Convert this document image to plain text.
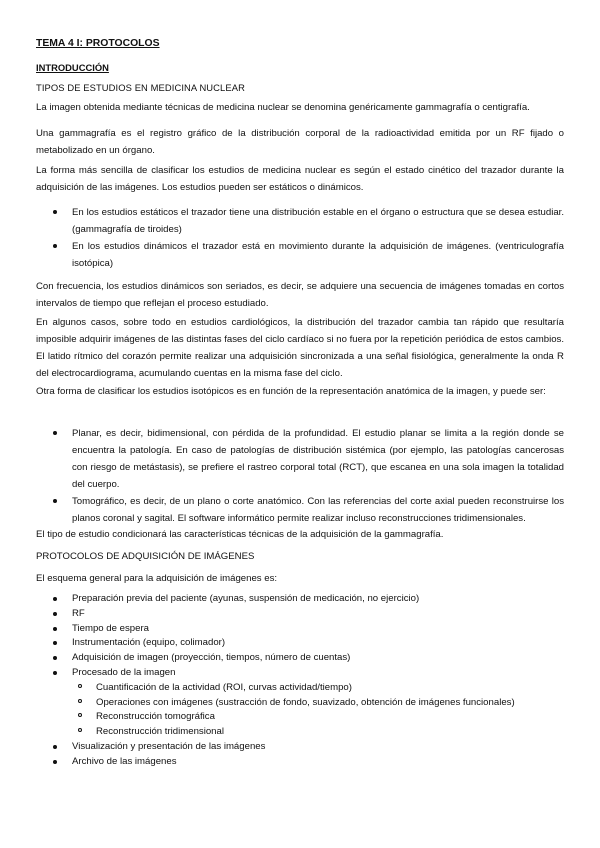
TEMA 4 I: PROTOCOLOS
INTRODUCCIÓN
TIPOS DE ESTUDIOS EN MEDICINA NUCLEAR

La imagen obtenida mediante técnicas de medicina nuclear se denomina genéricamente gammagrafía o centigrafía.

Una gammagrafía es el registro gráfico de la distribución corporal de la radioactividad emitida por un RF fijado o metabolizado en un órgano.

La forma más sencilla de clasificar los estudios de medicina nuclear es según el estado cinético del trazador durante la adquisición de las imágenes. Los estudios pueden ser estáticos o dinámicos.

En los estudios estáticos el trazador tiene una distribución estable en el órgano o estructura que se desea estudiar. (gammagrafía de tiroides)
En los estudios dinámicos el trazador está en movimiento durante la adquisición de imágenes. (ventriculografía isotópica)

Con frecuencia, los estudios dinámicos son seriados, es decir, se adquiere una secuencia de imágenes tomadas en cortos intervalos de tiempo que reflejan el proceso estudiado.

En algunos casos, sobre todo en estudios cardiológicos, la distribución del trazador cambia tan rápido que resultaría imposible adquirir imágenes de las distintas fases del ciclo cardíaco si no fuera por la repetición periódica de estos cambios. El latido rítmico del corazón permite realizar una adquisición sincronizada a una señal fisiológica, generalmente la onda R del electrocardiograma, acumulando cuentas en la misma fase del ciclo.

Otra forma de clasificar los estudios isotópicos es en función de la representación anatómica de la imagen, y puede ser:

Planar, es decir, bidimensional, con pérdida de la profundidad. El estudio planar se limita a la región donde se encuentra la patología. En caso de patologías de distribución sistémica (por ejemplo, las patologías cancerosas con riesgo de metástasis), se prefiere el rastreo corporal total (RCT), que escanea en una sola imagen la totalidad del cuerpo.
Tomográfico, es decir, de un plano o corte anatómico. Con las referencias del corte axial pueden reconstruirse los planos coronal y sagital. El software informático permite realizar incluso reconstrucciones tridimensionales.

El tipo de estudio condicionará las características técnicas de la adquisición de la gammagrafía.

PROTOCOLOS DE ADQUISICIÓN DE IMÁGENES

El esquema general para la adquisición de imágenes es:

Preparación previa del paciente (ayunas, suspensión de medicación, no ejercicio)
RF
Tiempo de espera
Instrumentación (equipo, colimador)
Adquisición de imagen (proyección, tiempos, número de cuentas)
Procesado de la imagen
Cuantificación de la actividad (ROI, curvas actividad/tiempo)
Operaciones con imágenes (sustracción de fondo, suavizado, obtención de imágenes funcionales)
Reconstrucción tomográfica
Reconstrucción tridimensional
Visualización y presentación de las imágenes
Archivo de las imágenes
